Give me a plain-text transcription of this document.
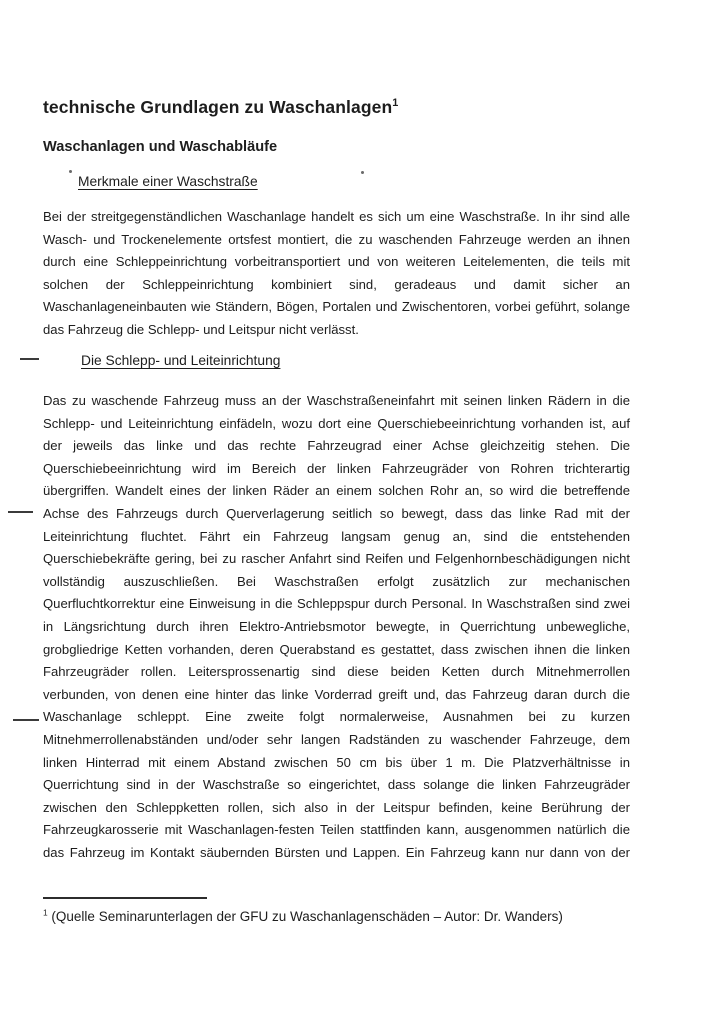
technische Grundlagen zu Waschanlagen$^1$
Waschanlagen und Waschabläufe
Merkmale einer Waschstraße
Bei der streitgegenständlichen Waschanlage handelt es sich um eine Waschstraße. In ihr sind alle
Wasch- und Trockenelemente ortsfest montiert, die zu waschenden Fahrzeuge werden an ihnen
durch eine Schleppeinrichtung vorbeitransportiert und von weiteren Leitelementen, die teils mit
solchen der Schleppeinrichtung kombiniert sind, geradeaus und damit sicher an
Waschanlageneinbauten wie Ständern, Bögen, Portalen und Zwischentoren, vorbei geführt, solange
das Fahrzeug die Schlepp- und Leitspur nicht verlässt.
Die Schlepp- und Leiteinrichtung
Das zu waschende Fahrzeug muss an der Waschstraßeneinfahrt mit seinen linken Rädern in die
Schlepp- und Leiteinrichtung einfädeln, wozu dort eine Querschiebeeinrichtung vorhanden ist, auf
der jeweils das linke und das rechte Fahrzeugrad einer Achse gleichzeitig stehen. Die
Querschiebeeinrichtung wird im Bereich der linken Fahrzeugräder von Rohren trichterartig
übergriffen. Wandelt eines der linken Räder an einem solchen Rohr an, so wird die betreffende
Achse des Fahrzeugs durch Querverlagerung seitlich so bewegt, dass das linke Rad mit der
Leiteinrichtung fluchtet. Fährt ein Fahrzeug langsam genug an, sind die entstehenden
Querschiebekräfte gering, bei zu rascher Anfahrt sind Reifen und Felgenhornbeschädigungen nicht
vollständig auszuschließen. Bei Waschstraßen erfolgt zusätzlich zur mechanischen
Querfluchtkorrektur eine Einweisung in die Schleppspur durch Personal. In Waschstraßen sind zwei
in Längsrichtung durch ihren Elektro-Antriebsmotor bewegte, in Querrichtung unbewegliche,
grobgliedrige Ketten vorhanden, deren Querabstand es gestattet, dass zwischen ihnen die linken
Fahrzeugräder rollen. Leitersprossenartig sind diese beiden Ketten durch Mitnehmerrollen
verbunden, von denen eine hinter das linke Vorderrad greift und, das Fahrzeug daran durch die
Waschanlage schleppt. Eine zweite folgt normalerweise, Ausnahmen bei zu kurzen
Mitnehmerrollenabständen und/oder sehr langen Radständen zu waschender Fahrzeuge, dem
linken Hinterrad mit einem Abstand zwischen 50 cm bis über 1 m. Die Platzverhältnisse in
Querrichtung sind in der Waschstraße so eingerichtet, dass solange die linken Fahrzeugräder
zwischen den Schleppketten rollen, sich also in der Leitspur befinden, keine Berührung der
Fahrzeugkarosserie mit Waschanlagen-festen Teilen stattfinden kann, ausgenommen natürlich die
das Fahrzeug im Kontakt säubernden Bürsten und Lappen. Ein Fahrzeug kann nur dann von der
$^1$ (Quelle Seminarunterlagen der GFU zu Waschanlagenschäden – Autor: Dr. Wanders)
